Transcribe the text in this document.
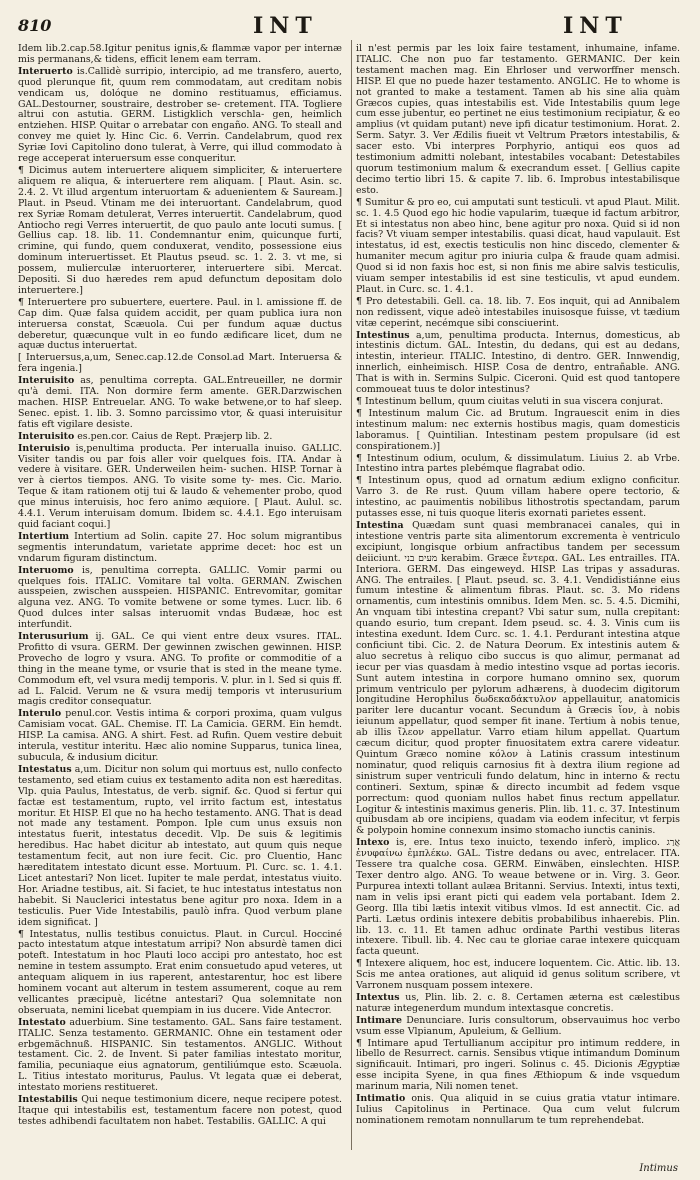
810	INT	INT

Idem lib.2.cap.58.Igitur penitus ignis,& flammæ vapor per internæ mis permanans,& tidens, efficit lenem eam terram.

Interuerto is.Callidè surripio, intercipio, ad me transfero, auerto, quod plerunque fit, quum rem commodatam, aut creditam nobis vendicam us, dolóque ne domino restituamus, efficiamus. GAL.Destourner, soustraire, destrober se- cretement. ITA. Togliere altrui con astutia. GERM. Listigklich verschla- gen, heimlich entziehen. HISP. Quitar o arrebatar con engaño. ANG. To steall and convey me quiet ly. Hinc Cic. 6. Verrin. Candelabrum, quod rex Syriæ Iovi Capitolino dono tulerat, à Verre, qui illud commodato à rege acceperat interuersum esse conqueritur.

¶ Dicimus autem interuertere aliquem simpliciter, & interuertere aliquem re aliqua, & interuertere rem aliquam. [ Plaut. Asin. sc. 2.4. 2. Vt illud argentum interuortam & aduenientem & Sauream.] Plaut. in Pseud. Vtinam me dei interuortant. Candelabrum, quod rex Syriæ Romam detulerat, Verres interuertit. Candelabrum, quod Antiocho regi Verres interuertit, de quo paulo ante locuti sumus. [ Gellius cap. 18. lib. 11. Condemnantur enim, quicunque furti, crimine, qui fundo, quem conduxerat, vendito, possessione eius dominum interuertisset. Et Plautus pseud. sc. 1. 2. 3. vt me, si possem, mulierculæ interuorterer, interuertere sibi. Mercat. Depositi. Si duo hæredes rem apud defunctum depositam dolo interuertere.]

¶ Interuertere pro subuertere, euertere. Paul. in l. amissione ff. de Cap dim. Quæ falsa quidem accidit, per quam publica iura non interuersa constat, Scæuola. Cui per fundum aquæ ductus deberetur, quæcunque vult in eo fundo ædificare licet, dum ne aquæ ductus interuertat.

[ Interuersus,a,um, Senec.cap.12.de Consol.ad Mart. Interuersa & fera ingenia.]

Interuisito as, penultima correpta. GAL.Entreueiller, ne dormir qu'à demi. ITA. Non dormire ferm amente. GER.Darzwischen machen. HISP. Entreuelar. ANG. To wake betwene,or to haf sleep. Senec. epist. 1. lib. 3. Somno parcissimo vtor, & quasi interuisitur fatis eft vigilare desiste.

Interuisito es.pen.cor. Caius de Rept. Præjerp lib. 2.

Interuisio is,penultima producta. Per interualla inuiso. GALLIC. Visiter tandis ou par fois aller voir quelques fois. ITA. Andar à vedere à visitare. GER. Underweilen heim- suchen. HISP. Tornar à ver à ciertos tiempos. ANG. To visite some ty- mes. Cic. Mario. Teque & itam rationem otij tui & laudo & vehementer probo, quod que minus interuisis, hoc fero animo æquiore. [ Plaut. Aulul. sc. 4.4.1. Verum interuisam domum. Ibidem sc. 4.4.1. Ego interuisam quid faciant coqui.]

Intertium Intertium ad Solin. capite 27. Hoc solum migrantibus segmentis interundatum, varietate apprime decet: hoc est un vndarum figuram distinctum.

Interuomo is, penultima correpta. GALLIC. Vomir parmi ou quelques fois. ITALIC. Vomitare tal volta. GERMAN. Zwischen ausspeien, zwischen ausspeien. HISPANIC. Entrevomitar, gomitar alguna vez. ANG. To vomite betwene or some tymes. Lucr. lib. 6 Quod dulces inter salsas interuomit vndas Budææ, hoc est interfundit.

Interusurium ij. GAL. Ce qui vient entre deux vsures. ITAL. Profitto di vsura. GERM. Der gewinnen zwischen gewinnen. HISP. Provecho de logro y vsura. ANG. To profite or commoditie of a thing in the meane tyme, or vsurie that is sted in the meane tyme. Commodum eft, vel vsura medij temporis. V. plur. in l. Sed si quis ff. ad L. Falcid. Verum ne & vsura medij temporis vt interusurium magis creditor consequatur.

Interulo penul.cor. Vestis intima & corpori proxima, quam vulgus Camisiam vocat. GAL. Chemise. IT. La Camicia. GERM. Ein hemdt. HISP. La camisa. ANG. A shirt. Fest. ad Rufin. Quem vestire debuit interula, vestitur interitu. Hæc alio nomine Supparus, tunica linea, subucula, & indusium dicitur.

Intestatus a,um. Dicitur non solum qui mortuus est, nullo confecto testamento, sed etiam cuius ex testamento adita non est hæreditas. Vlp. quia Paulus, Intestatus, de verb. signif. &c. Quod si fertur qui factæ est testamentum, rupto, vel irrito factum est, intestatus moritur. Et HISP. El que no ha hecho testamento. ANG. That is dead not made any testament. Pompon. Iple cum unus exsuis non intestatus fuerit, intestatus decedit. Vlp. De suis & legitimis heredibus. Hac habet dicitur ab intestato, aut quum quis neque testamentum fecit, aut non iure fecit. Cic. pro Cluentio, Hanc hæreditatem intestato dicunt esse. Mortuum. Pl. Curc. sc. 1. 4.1. Licet antestari? Non licet. Iupiter te male perdat, intestatus viuito. Hor. Ariadne testibus, ait. Si faciet, te huc intestatus intestatus non habebit. Si Nauclerici intestatus bene agitur pro noxa. Idem in a testiculis. Puer Vide Intestabilis, paulò infra. Quod verbum plane idem significat. ]

¶ Intestatus, nullis testibus conuictus. Plaut. in Curcul. Hocciné pacto intestatum atque intestatum arripi? Non absurdè tamen dici poteft. Intestatum in hoc Plauti loco accipi pro antestato, hoc est nemine in testem assumpto. Erat enim consuetudo apud veteres, ut antequam aliquem in ius raperent, antestarentur, hoc est libere hominem vocant aut alterum in testem assumerent, coque au rem vellicantes præcipuè, licétne antestari? Qua solemnitate non obseruata, nemini licebat quempiam in ius ducere. Vide Anteстоr.

Intestato aduerbium. Sine testamento. GAL. Sans faire testament. ITALIC. Senza testamento. GERMANIC. Ohne ein testament oder erbgemächnuß. HISPANIC. Sin testamentos. ANGLIC. Without testament. Cic. 2. de Invent. Si pater familias intestato moritur, familia, pecuniaque eius agnatorum, gentiliúmque esto. Scæuola. L. Titius intestato moriturus, Paulus. Vt legata quæ ei deberat, intestato moriens restitueret.

Intestabilis Qui neque testimonium dicere, neque recipere potest. Itaque qui intestabilis est, testamentum facere non potest, quod testes adhibendi facultatem non habet. Testabilis. GALLIC. A qui

il n'est permis par les loix faire testament, inhumaine, infame. ITALIC. Che non puo far testamento. GERMANIC. Der kein testament machen mag. Ein Ehrloser und verworffner mensch. HISP. El que no puede hazer testamento. ANGLIC. He to whome is not granted to make a testament. Tamen ab his sine alia quàm Græcos cupies, quas intestabilis est. Vide Intestabilis quum lege cum esse jubentur, eo pertinet ne eius testimonium recipiatur, & eo amplius (vt quidam putant) neve ipfi dicatur testimonium. Horat. 2. Serm. Satyr. 3. Ver Ædilis fiueit vt Veltrum Prætors intestabilis, & sacer esto. Vbi interpres Porphyrio, antiqui eos quos ad testimonium admitti nolebant, intestabiles vocabant: Detestabiles quorum testimonium malum & execrandum esset. [ Gellius capite decimo tertio libri 15. & capite 7. lib. 6. Improbus intestabilisque esto.

¶ Sumitur & pro eo, cui amputati sunt testiculi. vt apud Plaut. Milit. sc. 1. 4.5 Quod ego hic hodie vapularim, tuæque id factum arbitror, Et si intestatus non abeo hinc, bene agitur pro noxa. Quid si id non facis? Vt viuam semper intestabilis. quasi dicat, haud vapulauit. Est intestatus, id est, exectis testiculis non hinc discedo, clementer & humaniter mecum agitur pro iniuria culpa & fraude quam admisi. Quod si id non faxis hoc est, si non finis me abire salvis testiculis, viuam semper intestabilis id est sine testiculis, vt apud eundem. Plaut. in Curc. sc. 1. 4.1.

¶ Pro detestabili. Gell. ca. 18. lib. 7. Eos inquit, qui ad Annibalem non redissent, vique adeò intestabiles inuisosque fuisse, vt tædium vitæ ceperint, necémque sibi consciuerint.

Intestinus a,um, penultima producta. Internus, domesticus, ab intestinis dictum. GAL. Intestin, du dedans, qui est au dedans, intestin, interieur. ITALIC. Intestino, di dentro. GER. Innwendig, innerlich, einheimisch. HISP. Cosa de dentro, entrañable. ANG. That is with in. Sermins Sulpic. Ciceroni. Quid est quod tantopere commoueat tuus te dolor intestinus?

¶ Intestinum bellum, quum ciuitas veluti in sua viscera conjurat.

¶ Intestinum malum Cic. ad Brutum. Ingrauescit enim in dies intestinum malum: nec externis hostibus magis, quam domesticis laboramus. [ Quintilian. Intestinam pestem propulsare (id est conspirationem.)]

¶ Intestinum odium, oculum, & dissimulatum. Liuius 2. ab Vrbe. Intestino intra partes plebémque flagrabat odio.

¶ Intestinum opus, quod ad ornatum ædium exligno conficitur. Varro 3. de Re rust. Quum villam habere opere tectorio, & intestino, ac pauimentis nobilibus lithostrotis spectandam, parum putasses esse, ni tuis quoque literis exornati parietes essent.

Intestina Quædam sunt quasi membranacei canales, qui in intestione ventris parte sita alimentorum excrementa è ventriculo excipiunt, longisque orbium anfractibus tandem per secessum deiiciunt. מעים בני kerabim. Græce ἔντερα. GAL. Les entrailles. ITA. Interiora. GERM. Das eingeweyd. HISP. Las tripas y assaduras. ANG. The entrailes. [ Plaut. pseud. sc. 3. 4.1. Vendidistiánne eius fumum intestine & alimentum fibras. Plaut. sc. 3. Mo ridens ornamentis, cum intestinis omnibus. Idem Men. sc. 5. 4.5. Dicmihi, An vnquam tibi intestina crepant? Vbi satur sum, nulla crepitant: quando esurio, tum crepant. Idem pseud. sc. 4. 3. Vinis cum iis intestina exedunt. Idem Curc. sc. 1. 4.1. Perdurant intestina atque conficiunt tibi. Cic. 2. de Natura Deorum. Ex intestinis autem & aluo secretus à reliquo cibo succus is quo alimur, permanat ad iecur per vias quasdam à medio intestino vsque ad portas iecoris. Sunt autem intestina in corpore humano omnino sex, quorum primum ventriculo per pylorum adhærens, à duodecim digitorum longitudine Herophilus δωδεκαδάκτυλον appellauitur, anatomicis pariter lere ducantur vocant. Secundum à Græcis ἴον, à nobis ieiunum appellatur, quod semper fit inane. Tertium à nobis tenue, ab illis ἴλεον appellatur. Varro etiam hilum appellat. Quartum cæcum dicitur, quod propter finuositatem extra carere videatur. Quintum Græco nomine κόλον à Latinis crassum intestinum nominatur, quod reliquis carnosius fit à dextra ilium regione ad sinistrum super ventriculi fundo delatum, hinc in interno & rectu contineri. Sextum, spinæ & directo incumbit ad fedem vsque porrectum: quod quoniam nullos habet finus rectum appellatur. Logitur & intestinis maximus generis. Plin. lib. 11. c. 37. Intestinum quibusdam ab ore incipiens, quadam via eodem infecitur, vt ferpis & polypoin homine connexum insimo stomacho iunctis caninis.

Intexo is, ere. Intus texo inuicto, texendo inferò, implico. אֲרַג ἐνυφαίνω ἐμπλέκω. GAL. Tistre dedans ou avec, entrelacer. ITA. Tessere tra qualche cosa. GERM. Einwäben, einslechten. HISP. Texer dentro algo. ANG. To weaue betwene or in. Virg. 3. Geor. Purpurea intexti tollant aulæa Britanni. Servius. Intexti, intus texti, nam in velis ipsi erant picti qui eadem vela portabant. Idem 2. Georg. Illa tibi lætis intexit vitibus vlmos. Id est annectit. Cic. ad Parti. Lætus ordinis intexere debitis probabilibus inhaerebis. Plin. lib. 13. c. 11. Et tamen adhuc ordinate Parthi vestibus literas intexere. Tibull. lib. 4. Nec cau te gloriae carae intexere quicquam facta queunt.

¶ Intexere aliquem, hoc est, inducere loquentem. Cic. Attic. lib. 13. Scis me antea orationes, aut aliquid id genus solitum scribere, vt Varronem nusquam possem intexere.

Intextus us, Plin. lib. 2. c. 8. Certamen æterna est cælestibus naturæ integenerdum mundum intextasque concretis.

Intimare Denunciare. Iuris consultorum, observauimus hoc verbo vsum esse Vlpianum, Apuleium, & Gellium.

¶ Intimare apud Tertullianum accipitur pro intimum reddere, in libello de Resurrect. carnis. Sensibus vtique intimandum Dominum significauit. Intimari, pro ingeri. Solinus c. 45. Dicionis Ægyptiæ esse incipita Syene, in qua fines Æthiopum & inde vsquedum marinum maria, Nili nomen tenet.

Intimatio onis. Qua aliquid in se cuius gratia vtatur intimare. Iulius Capitolinus in Pertinace. Qua cum velut fulcrum nominationem remotam nonnullarum te tum reprehendebat.

Intimus
